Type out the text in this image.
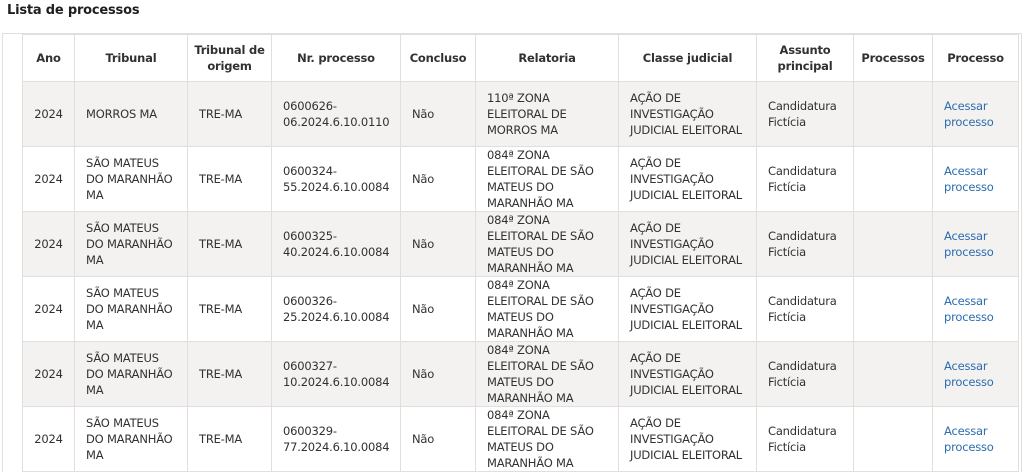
Lista de processos
Ano	Tribunal	Tribunal de origem	Nr. processo	Concluso	Relatoria	Classe judicial	Assunto principal	Processos	Processo
2024	MORROS MA	TRE-MA	0600626-06.2024.6.10.0110	Não	110ª ZONA ELEITORAL DE MORROS MA	AÇÃO DE INVESTIGAÇÃO JUDICIAL ELEITORAL	Candidatura Fictícia		Acessar processo
2024	SÃO MATEUS DO MARANHÃO MA	TRE-MA	0600324-55.2024.6.10.0084	Não	084ª ZONA ELEITORAL DE SÃO MATEUS DO MARANHÃO MA	AÇÃO DE INVESTIGAÇÃO JUDICIAL ELEITORAL	Candidatura Fictícia		Acessar processo
2024	SÃO MATEUS DO MARANHÃO MA	TRE-MA	0600325-40.2024.6.10.0084	Não	084ª ZONA ELEITORAL DE SÃO MATEUS DO MARANHÃO MA	AÇÃO DE INVESTIGAÇÃO JUDICIAL ELEITORAL	Candidatura Fictícia		Acessar processo
2024	SÃO MATEUS DO MARANHÃO MA	TRE-MA	0600326-25.2024.6.10.0084	Não	084ª ZONA ELEITORAL DE SÃO MATEUS DO MARANHÃO MA	AÇÃO DE INVESTIGAÇÃO JUDICIAL ELEITORAL	Candidatura Fictícia		Acessar processo
2024	SÃO MATEUS DO MARANHÃO MA	TRE-MA	0600327-10.2024.6.10.0084	Não	084ª ZONA ELEITORAL DE SÃO MATEUS DO MARANHÃO MA	AÇÃO DE INVESTIGAÇÃO JUDICIAL ELEITORAL	Candidatura Fictícia		Acessar processo
2024	SÃO MATEUS DO MARANHÃO MA	TRE-MA	0600329-77.2024.6.10.0084	Não	084ª ZONA ELEITORAL DE SÃO MATEUS DO MARANHÃO MA	AÇÃO DE INVESTIGAÇÃO JUDICIAL ELEITORAL	Candidatura Fictícia		Acessar processo
